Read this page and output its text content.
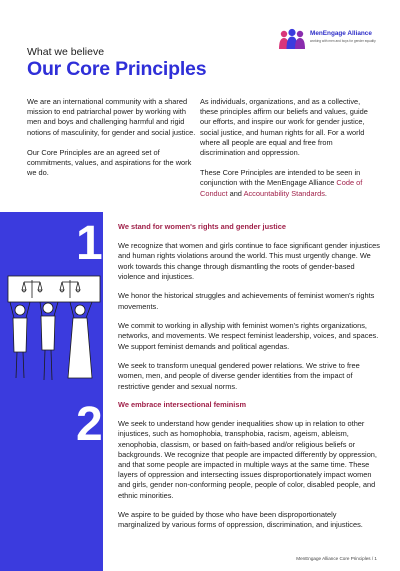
MenEngage Alliance
working with men and boys for gender equality
What we believe
Our Core Principles

We are an international community with a shared mission to end patriarchal power by working with men and boys and challenging harmful and rigid notions of masculinity, for gender and social justice.

Our Core Principles are an agreed set of commitments, values, and aspirations for the work we do.

As individuals, organizations, and as a collective, these principles affirm our beliefs and values, guide our efforts, and inspire our work for gender justice, social justice, and human rights for all. For a world where all people are equal and free from discrimination and oppression.

These Core Principles are intended to be seen in conjunction with the MenEngage Alliance Code of Conduct and Accountability Standards.

1
2
We stand for women's rights and gender justice

We recognize that women and girls continue to face significant gender injustices and human rights violations around the world. This must urgently change. We work towards this change through dismantling the roots of gender-based violence and injustices.

We honor the historical struggles and achievements of feminist women's rights movements.

We commit to working in allyship with feminist women's rights organizations, networks, and movements. We respect feminist leadership, voices, and spaces. We support feminist demands and political agendas.

We seek to transform unequal gendered power relations. We strive to free women, men, and people of diverse gender identities from the impact of restrictive gender and sexual norms.

We embrace intersectional feminism

We seek to understand how gender inequalities show up in relation to other injustices, such as homophobia, transphobia, racism, ageism, ableism, xenophobia, classism, or based on faith-based and/or religious beliefs or backgrounds. We recognize that people are impacted differently by oppression, and that some people are impacted in multiple ways at the same time. These layers of oppression and intersecting issues disproportionately impact women and girls, gender non-conforming people, people of color, disabled people, and ethnic minorities.

We aspire to be guided by those who have been disproportionately marginalized by various forms of oppression, discrimination, and injustices.

MenEngage Alliance Core Principles / 1
